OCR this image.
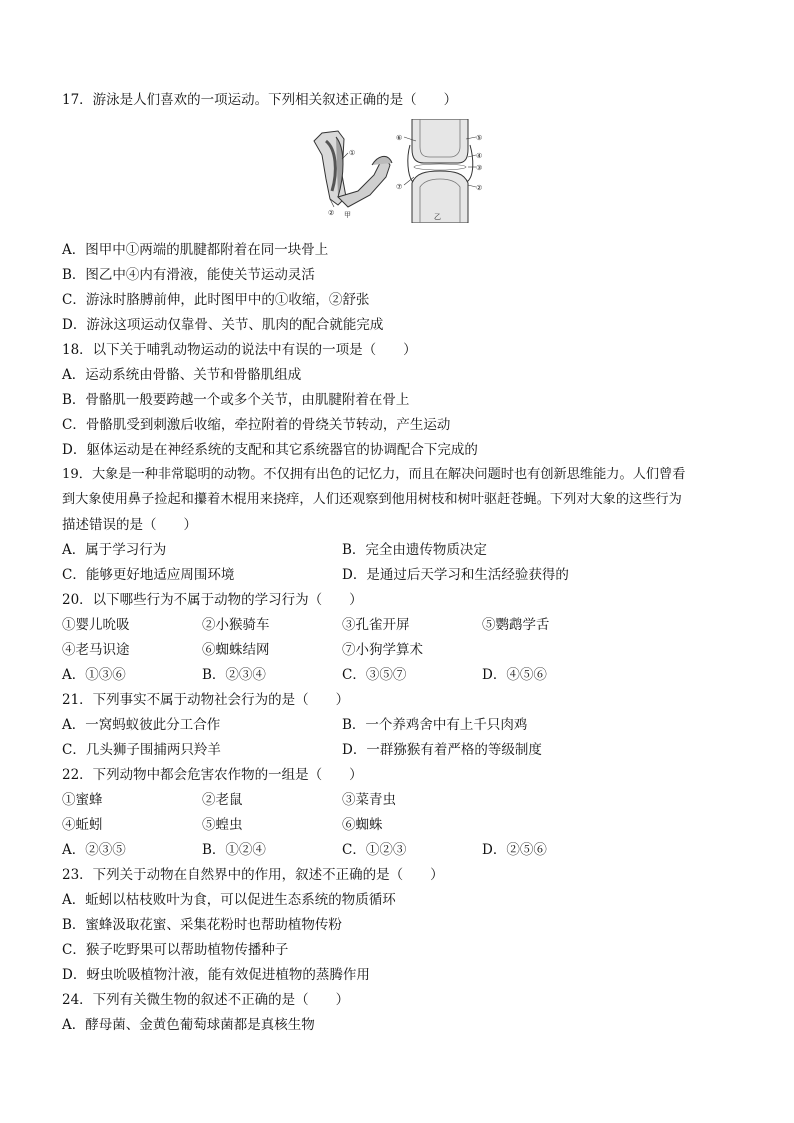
17．游泳是人们喜欢的一项运动。下列相关叙述正确的是（　　）
①
② 甲
⑥
⑦
⑤
④
③
②
乙
A．图甲中①两端的肌腱都附着在同一块骨上
B．图乙中④内有滑液，能使关节运动灵活
C．游泳时胳膊前伸，此时图甲中的①收缩，②舒张
D．游泳这项运动仅靠骨、关节、肌肉的配合就能完成
18．以下关于哺乳动物运动的说法中有误的一项是（　　）
A．运动系统由骨骼、关节和骨骼肌组成
B．骨骼肌一般要跨越一个或多个关节，由肌腱附着在骨上
C．骨骼肌受到刺激后收缩，牵拉附着的骨绕关节转动，产生运动
D．躯体运动是在神经系统的支配和其它系统器官的协调配合下完成的
19．大象是一种非常聪明的动物。不仅拥有出色的记忆力，而且在解决问题时也有创新思维能力。人们曾看
到大象使用鼻子捡起和攥着木棍用来挠痒，人们还观察到他用树枝和树叶驱赶苍蝇。下列对大象的这些行为
描述错误的是（　　）
A．属于学习行为	B．完全由遗传物质决定
C．能够更好地适应周围环境	D．是通过后天学习和生活经验获得的
20．以下哪些行为不属于动物的学习行为（　　）
①婴儿吮吸	②小猴骑车	③孔雀开屏	⑤鹦鹉学舌
④老马识途	⑥蜘蛛结网	⑦小狗学算术
A．①③⑥	B．②③④	C．③⑤⑦	D．④⑤⑥
21．下列事实不属于动物社会行为的是（　　）
A．一窝蚂蚁彼此分工合作	B．一个养鸡舍中有上千只肉鸡
C．几头狮子围捕两只羚羊	D．一群猕猴有着严格的等级制度
22．下列动物中都会危害农作物的一组是（　　）
①蜜蜂	②老鼠	③菜青虫
④蚯蚓	⑤蝗虫	⑥蜘蛛
A．②③⑤	B．①②④	C．①②③	D．②⑤⑥
23．下列关于动物在自然界中的作用，叙述不正确的是（　　）
A．蚯蚓以枯枝败叶为食，可以促进生态系统的物质循环
B．蜜蜂汲取花蜜、采集花粉时也帮助植物传粉
C．猴子吃野果可以帮助植物传播种子
D．蚜虫吮吸植物汁液，能有效促进植物的蒸腾作用
24．下列有关微生物的叙述不正确的是（　　）
A．酵母菌、金黄色葡萄球菌都是真核生物
